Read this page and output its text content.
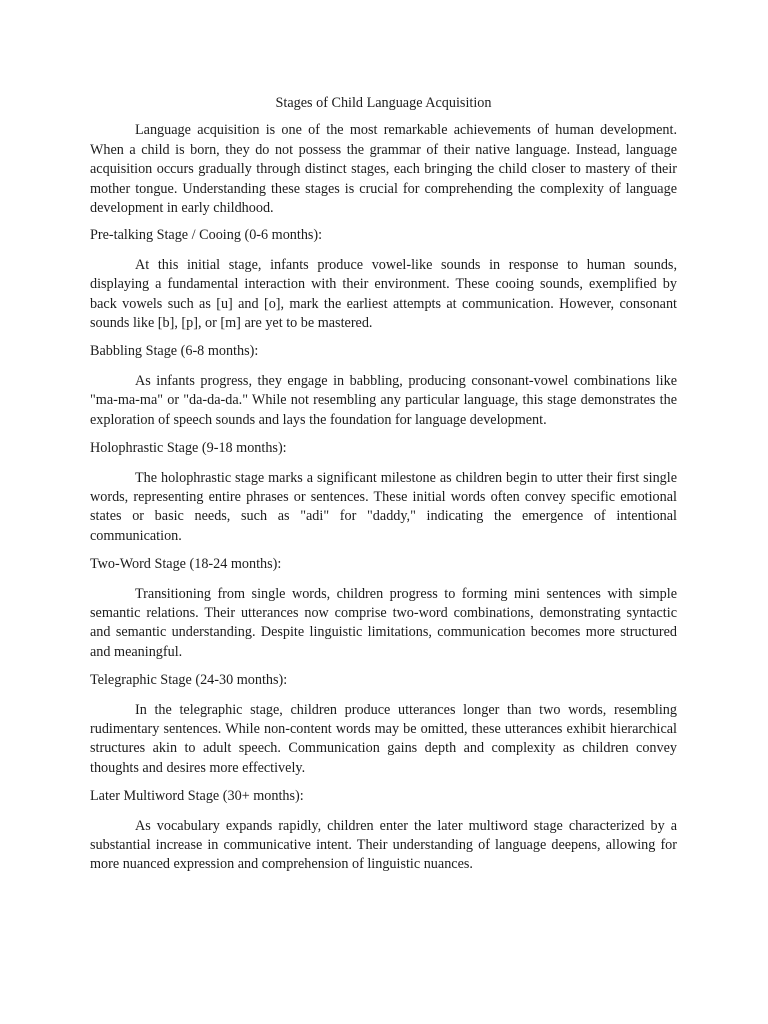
Stages of Child Language Acquisition

Language acquisition is one of the most remarkable achievements of human development. When a child is born, they do not possess the grammar of their native language. Instead, language acquisition occurs gradually through distinct stages, each bringing the child closer to mastery of their mother tongue. Understanding these stages is crucial for comprehending the complexity of language development in early childhood.

Pre-talking Stage / Cooing (0-6 months):

At this initial stage, infants produce vowel-like sounds in response to human sounds, displaying a fundamental interaction with their environment. These cooing sounds, exemplified by back vowels such as [u] and [o], mark the earliest attempts at communication. However, consonant sounds like [b], [p], or [m] are yet to be mastered.

Babbling Stage (6-8 months):

As infants progress, they engage in babbling, producing consonant-vowel combinations like "ma-ma-ma" or "da-da-da." While not resembling any particular language, this stage demonstrates the exploration of speech sounds and lays the foundation for language development.

Holophrastic Stage (9-18 months):

The holophrastic stage marks a significant milestone as children begin to utter their first single words, representing entire phrases or sentences. These initial words often convey specific emotional states or basic needs, such as "adi" for "daddy," indicating the emergence of intentional communication.

Two-Word Stage (18-24 months):

Transitioning from single words, children progress to forming mini sentences with simple semantic relations. Their utterances now comprise two-word combinations, demonstrating syntactic and semantic understanding. Despite linguistic limitations, communication becomes more structured and meaningful.

Telegraphic Stage (24-30 months):

In the telegraphic stage, children produce utterances longer than two words, resembling rudimentary sentences. While non-content words may be omitted, these utterances exhibit hierarchical structures akin to adult speech. Communication gains depth and complexity as children convey thoughts and desires more effectively.

Later Multiword Stage (30+ months):

As vocabulary expands rapidly, children enter the later multiword stage characterized by a substantial increase in communicative intent. Their understanding of language deepens, allowing for more nuanced expression and comprehension of linguistic nuances.
